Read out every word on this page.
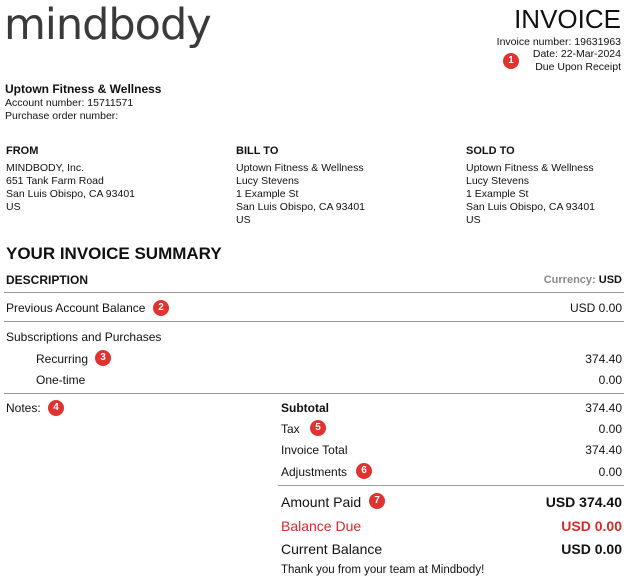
mindbody	INVOICE
Invoice number: 19631963
Date: 22-Mar-2024
Due Upon Receipt
1
Uptown Fitness & Wellness
Account number: 15711571
Purchase order number:
FROM
MINDBODY, Inc.
651 Tank Farm Road
San Luis Obispo, CA 93401
US
BILL TO
Uptown Fitness & Wellness
Lucy Stevens
1 Example St
San Luis Obispo, CA 93401
US
SOLD TO
Uptown Fitness & Wellness
Lucy Stevens
1 Example St
San Luis Obispo, CA 93401
US
YOUR INVOICE SUMMARY
DESCRIPTION	Currency: USD
Previous Account Balance	2	USD 0.00
Subscriptions and Purchases
Recurring	3	374.40
One-time	0.00
Notes:	4	Subtotal	374.40
Tax	5	0.00
Invoice Total	374.40
Adjustments	6	0.00
Amount Paid	7	USD 374.40
Balance Due	USD 0.00
Current Balance	USD 0.00
Thank you from your team at Mindbody!
